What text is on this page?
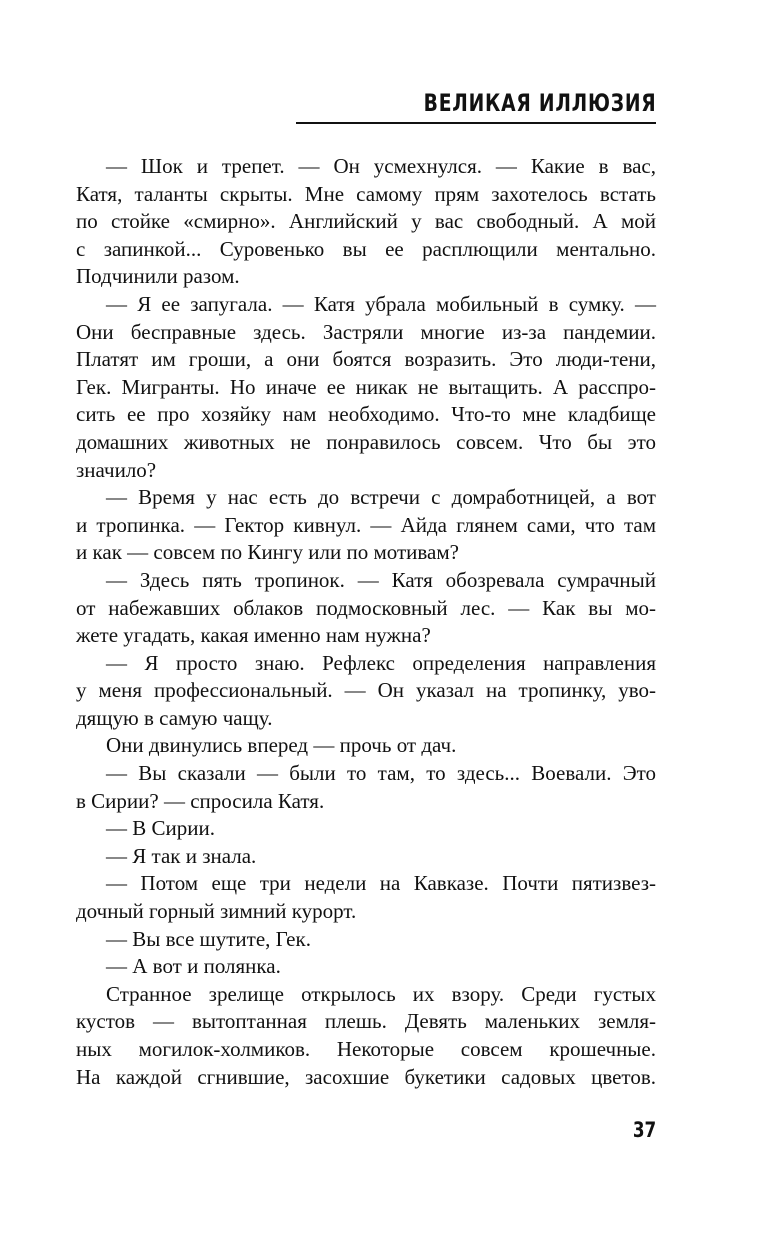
ВЕЛИКАЯ ИЛЛЮЗИЯ
— Шок и трепет. — Он усмехнулся. — Какие в вас,
Катя, таланты скрыты. Мне самому прям захотелось встать
по стойке «смирно». Английский у вас свободный. А мой
с запинкой... Суровенько вы ее расплющили ментально.
Подчинили разом.
— Я ее запугала. — Катя убрала мобильный в сумку. —
Они бесправные здесь. Застряли многие из-за пандемии.
Платят им гроши, а они боятся возразить. Это люди-тени,
Гек. Мигранты. Но иначе ее никак не вытащить. А расспро-
сить ее про хозяйку нам необходимо. Что-то мне кладбище
домашних животных не понравилось совсем. Что бы это
значило?
— Время у нас есть до встречи с домработницей, а вот
и тропинка. — Гектор кивнул. — Айда глянем сами, что там
и как — совсем по Кингу или по мотивам?
— Здесь пять тропинок. — Катя обозревала сумрачный
от набежавших облаков подмосковный лес. — Как вы мо-
жете угадать, какая именно нам нужна?
— Я просто знаю. Рефлекс определения направления
у меня профессиональный. — Он указал на тропинку, уво-
дящую в самую чащу.
Они двинулись вперед — прочь от дач.
— Вы сказали — были то там, то здесь... Воевали. Это
в Сирии? — спросила Катя.
— В Сирии.
— Я так и знала.
— Потом еще три недели на Кавказе. Почти пятизвез-
дочный горный зимний курорт.
— Вы все шутите, Гек.
— А вот и полянка.
Странное зрелище открылось их взору. Среди густых
кустов — вытоптанная плешь. Девять маленьких земля-
ных могилок-холмиков. Некоторые совсем крошечные.
На каждой сгнившие, засохшие букетики садовых цветов.
37
